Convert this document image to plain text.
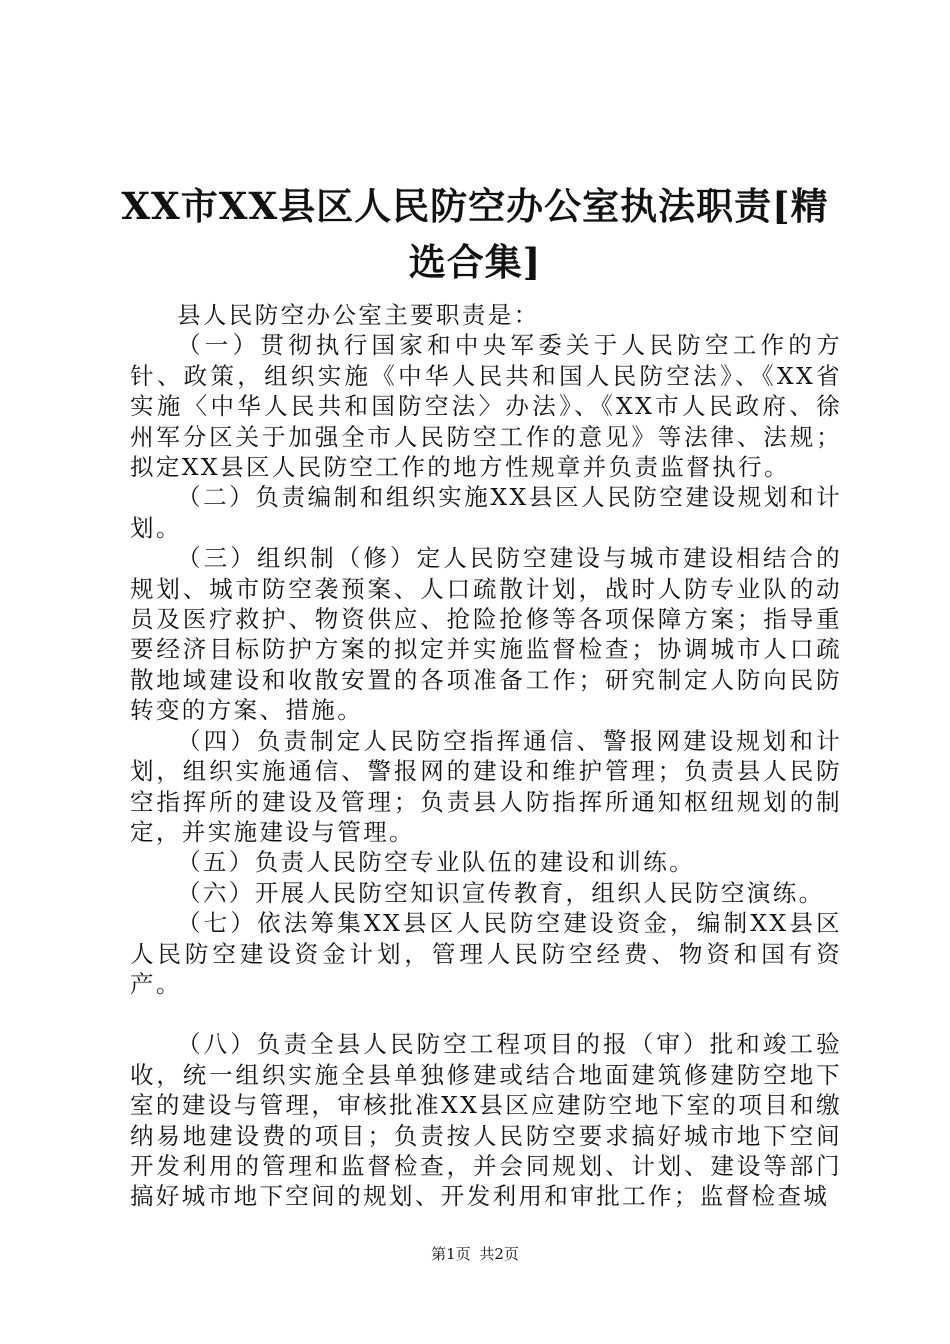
XX市XX县区人民防空办公室执法职责[精选合集]

县人民防空办公室主要职责是：

（一）贯彻执行国家和中央军委关于人民防空工作的方针、政策，组织实施《中华人民共和国人民防空法》、《XX省实施〈中华人民共和国防空法〉办法》、《XX市人民政府、徐州军分区关于加强全市人民防空工作的意见》等法律、法规；拟定XX县区人民防空工作的地方性规章并负责监督执行。

（二）负责编制和组织实施XX县区人民防空建设规划和计划。

（三）组织制（修）定人民防空建设与城市建设相结合的规划、城市防空袭预案、人口疏散计划，战时人防专业队的动员及医疗救护、物资供应、抢险抢修等各项保障方案；指导重要经济目标防护方案的拟定并实施监督检查；协调城市人口疏散地域建设和收散安置的各项准备工作；研究制定人防向民防转变的方案、措施。

（四）负责制定人民防空指挥通信、警报网建设规划和计划，组织实施通信、警报网的建设和维护管理；负责县人民防空指挥所的建设及管理；负责县人防指挥所通知枢纽规划的制定，并实施建设与管理。

（五）负责人民防空专业队伍的建设和训练。

（六）开展人民防空知识宣传教育，组织人民防空演练。

（七）依法筹集XX县区人民防空建设资金，编制XX县区人民防空建设资金计划，管理人民防空经费、物资和国有资产。

（八）负责全县人民防空工程项目的报（审）批和竣工验收，统一组织实施全县单独修建或结合地面建筑修建防空地下室的建设与管理，审核批准XX县区应建防空地下室的项目和缴纳易地建设费的项目；负责按人民防空要求搞好城市地下空间开发利用的管理和监督检查，并会同规划、计划、建设等部门搞好城市地下空间的规划、开发利用和审批工作；监督检查城

第1页 共2页
